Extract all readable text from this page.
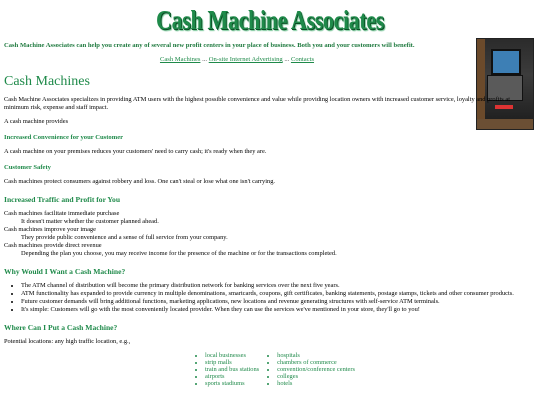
Cash Machine Associates
Cash Machine Associates can help you create any of several new profit centers in your place of business. Both you and your customers will benefit.
Cash Machines ... On-site Internet Advertising ... Contacts
Cash Machines

Cash Machine Associates specializes in providing ATM users with the highest possible convenience and value while providing location owners with increased customer service, loyalty and profits at minimum risk, expense and staff impact.

A cash machine provides

Increased Convenience for your Customer

A cash machine on your premises reduces your customers' need to carry cash; it's ready when they are.

Customer Safety

Cash machines protect consumers against robbery and loss. One can't steal or lose what one isn't carrying.

Increased Traffic and Profit for You
Cash machines facilitate immediate purchase
It doesn't matter whether the customer planned ahead.
Cash machines improve your image
They provide public convenience and a sense of full service from your company.
Cash machines provide direct revenue
Depending the plan you choose, you may receive income for the presence of the machine or for the transactions completed.
Why Would I Want a Cash Machine?
• The ATM channel of distribution will become the primary distribution network for banking services over the next five years.
• ATM functionality has expanded to provide currency in multiple denominations, smartcards, coupons, gift certificates, banking statements, postage stamps, tickets and other consumer products.
• Future customer demands will bring additional functions, marketing applications, new locations and revenue generating structures with self-service ATM terminals.
• It's simple: Customers will go with the most conveniently located provider. When they can use the services we've mentioned in your store, they'll go to you!
Where Can I Put a Cash Machine?

Potential locations: any high traffic location, e.g.,

• local businesses
• strip malls
• train and bus stations
• airports
• sports stadiums
• hospitals
• chambers of commerce
• convention/conference centers
• colleges
• hotels
